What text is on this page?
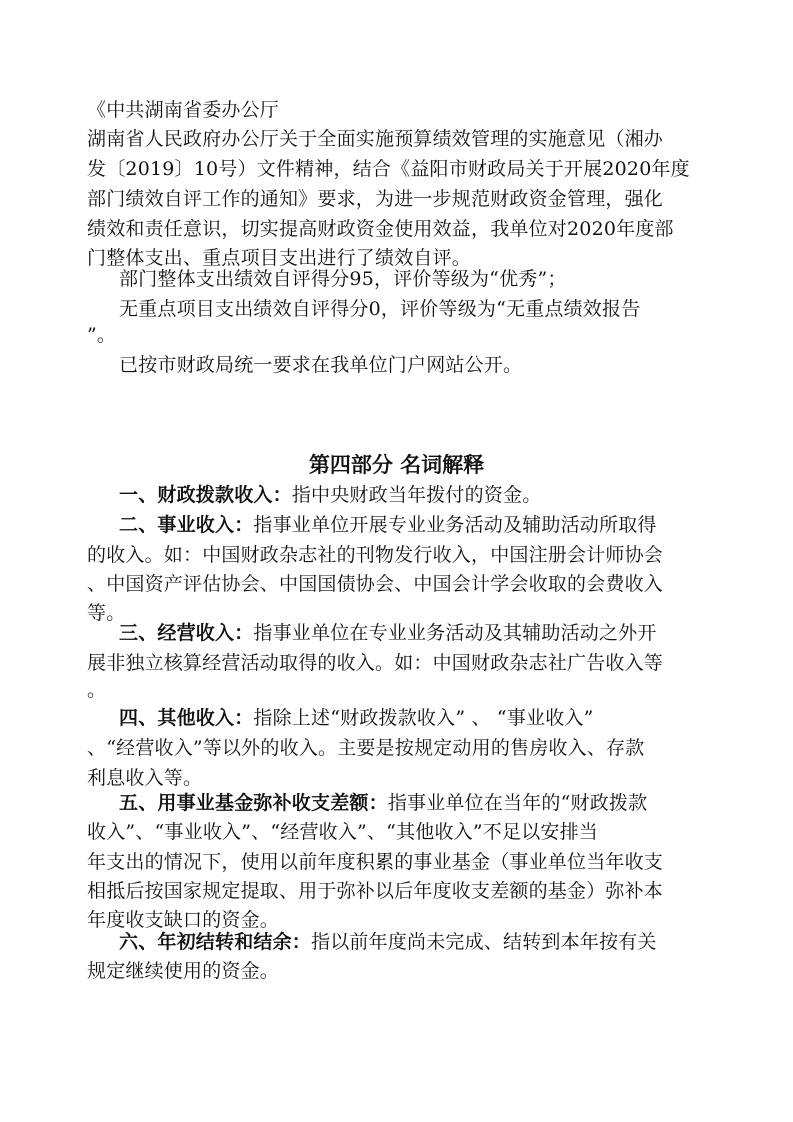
《中共湖南省委办公厅
湖南省人民政府办公厅关于全面实施预算绩效管理的实施意见（湘办
发〔2019〕10号）文件精神，结合《益阳市财政局关于开展2020年度
部门绩效自评工作的通知》要求，为进一步规范财政资金管理，强化
绩效和责任意识，切实提高财政资金使用效益，我单位对2020年度部
门整体支出、重点项目支出进行了绩效自评。
部门整体支出绩效自评得分95，评价等级为“优秀”；
无重点项目支出绩效自评得分0，评价等级为“无重点绩效报告
”。
已按市财政局统一要求在我单位门户网站公开。
第四部分 名词解释
一、财政拨款收入：指中央财政当年拨付的资金。
二、事业收入：指事业单位开展专业业务活动及辅助活动所取得
的收入。如：中国财政杂志社的刊物发行收入，中国注册会计师协会
、中国资产评估协会、中国国债协会、中国会计学会收取的会费收入
等。
三、经营收入：指事业单位在专业业务活动及其辅助活动之外开
展非独立核算经营活动取得的收入。如：中国财政杂志社广告收入等
。
四、其他收入：指除上述“财政拨款收入” 、 “事业收入”
、“经营收入”等以外的收入。主要是按规定动用的售房收入、存款
利息收入等。
五、用事业基金弥补收支差额：指事业单位在当年的“财政拨款
收入”、“事业收入”、“经营收入”、“其他收入”不足以安排当
年支出的情况下，使用以前年度积累的事业基金（事业单位当年收支
相抵后按国家规定提取、用于弥补以后年度收支差额的基金）弥补本
年度收支缺口的资金。
六、年初结转和结余：指以前年度尚未完成、结转到本年按有关
规定继续使用的资金。
